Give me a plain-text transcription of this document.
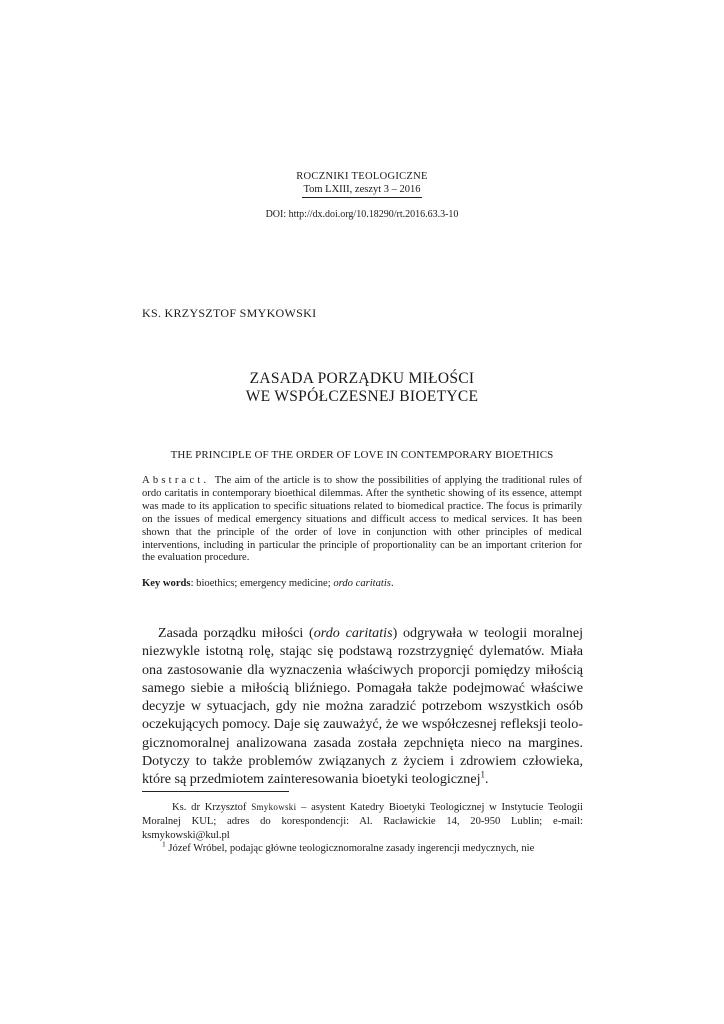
ROCZNIKI TEOLOGICZNE
Tom LXIII, zeszyt 3 – 2016
DOI: http://dx.doi.org/10.18290/rt.2016.63.3-10
KS. KRZYSZTOF SMYKOWSKI
ZASADA PORZĄDKU MIŁOŚCI
WE WSPÓŁCZESNEJ BIOETYCE
THE PRINCIPLE OF THE ORDER OF LOVE IN CONTEMPORARY BIOETHICS
Abstract. The aim of the article is to show the possibilities of applying the traditional rules of ordo caritatis in contemporary bioethical dilemmas. After the synthetic showing of its essence, attempt was made to its application to specific situations related to biomedical practice. The focus is primarily on the issues of medical emergency situations and difficult access to medical services. It has been shown that the principle of the order of love in conjunction with other principles of medical interventions, including in particular the principle of proportionality can be an important criterion for the evaluation procedure.
Key words: bioethics; emergency medicine; ordo caritatis.
Zasada porządku miłości (ordo caritatis) odgrywała w teologii moralnej niezwykle istotną rolę, stając się podstawą rozstrzygnięć dylematów. Miała ona zastosowanie dla wyznaczenia właściwych proporcji pomiędzy miłością samego siebie a miłością bliźniego. Pomagała także podejmować właściwe decyzje w sytuacjach, gdy nie można zaradzić potrzebom wszystkich osób oczekujących pomocy. Daje się zauważyć, że we współczesnej refleksji teologicznomoralnej analizowana zasada została zepchnięta nieco na margines. Dotyczy to także problemów związanych z życiem i zdrowiem człowieka, które są przedmiotem zainteresowania bioetyki teologicznej$^1$.

Ks. dr Krzysztof Smykowski – asystent Katedry Bioetyki Teologicznej w Instytucie Teologii Moralnej KUL; adres do korespondencji: Al. Racławickie 14, 20-950 Lublin; e-mail: ksmykowski@kul.pl

$^1$ Józef Wróbel, podając główne teologicznomoralne zasady ingerencji medycznych, nie
